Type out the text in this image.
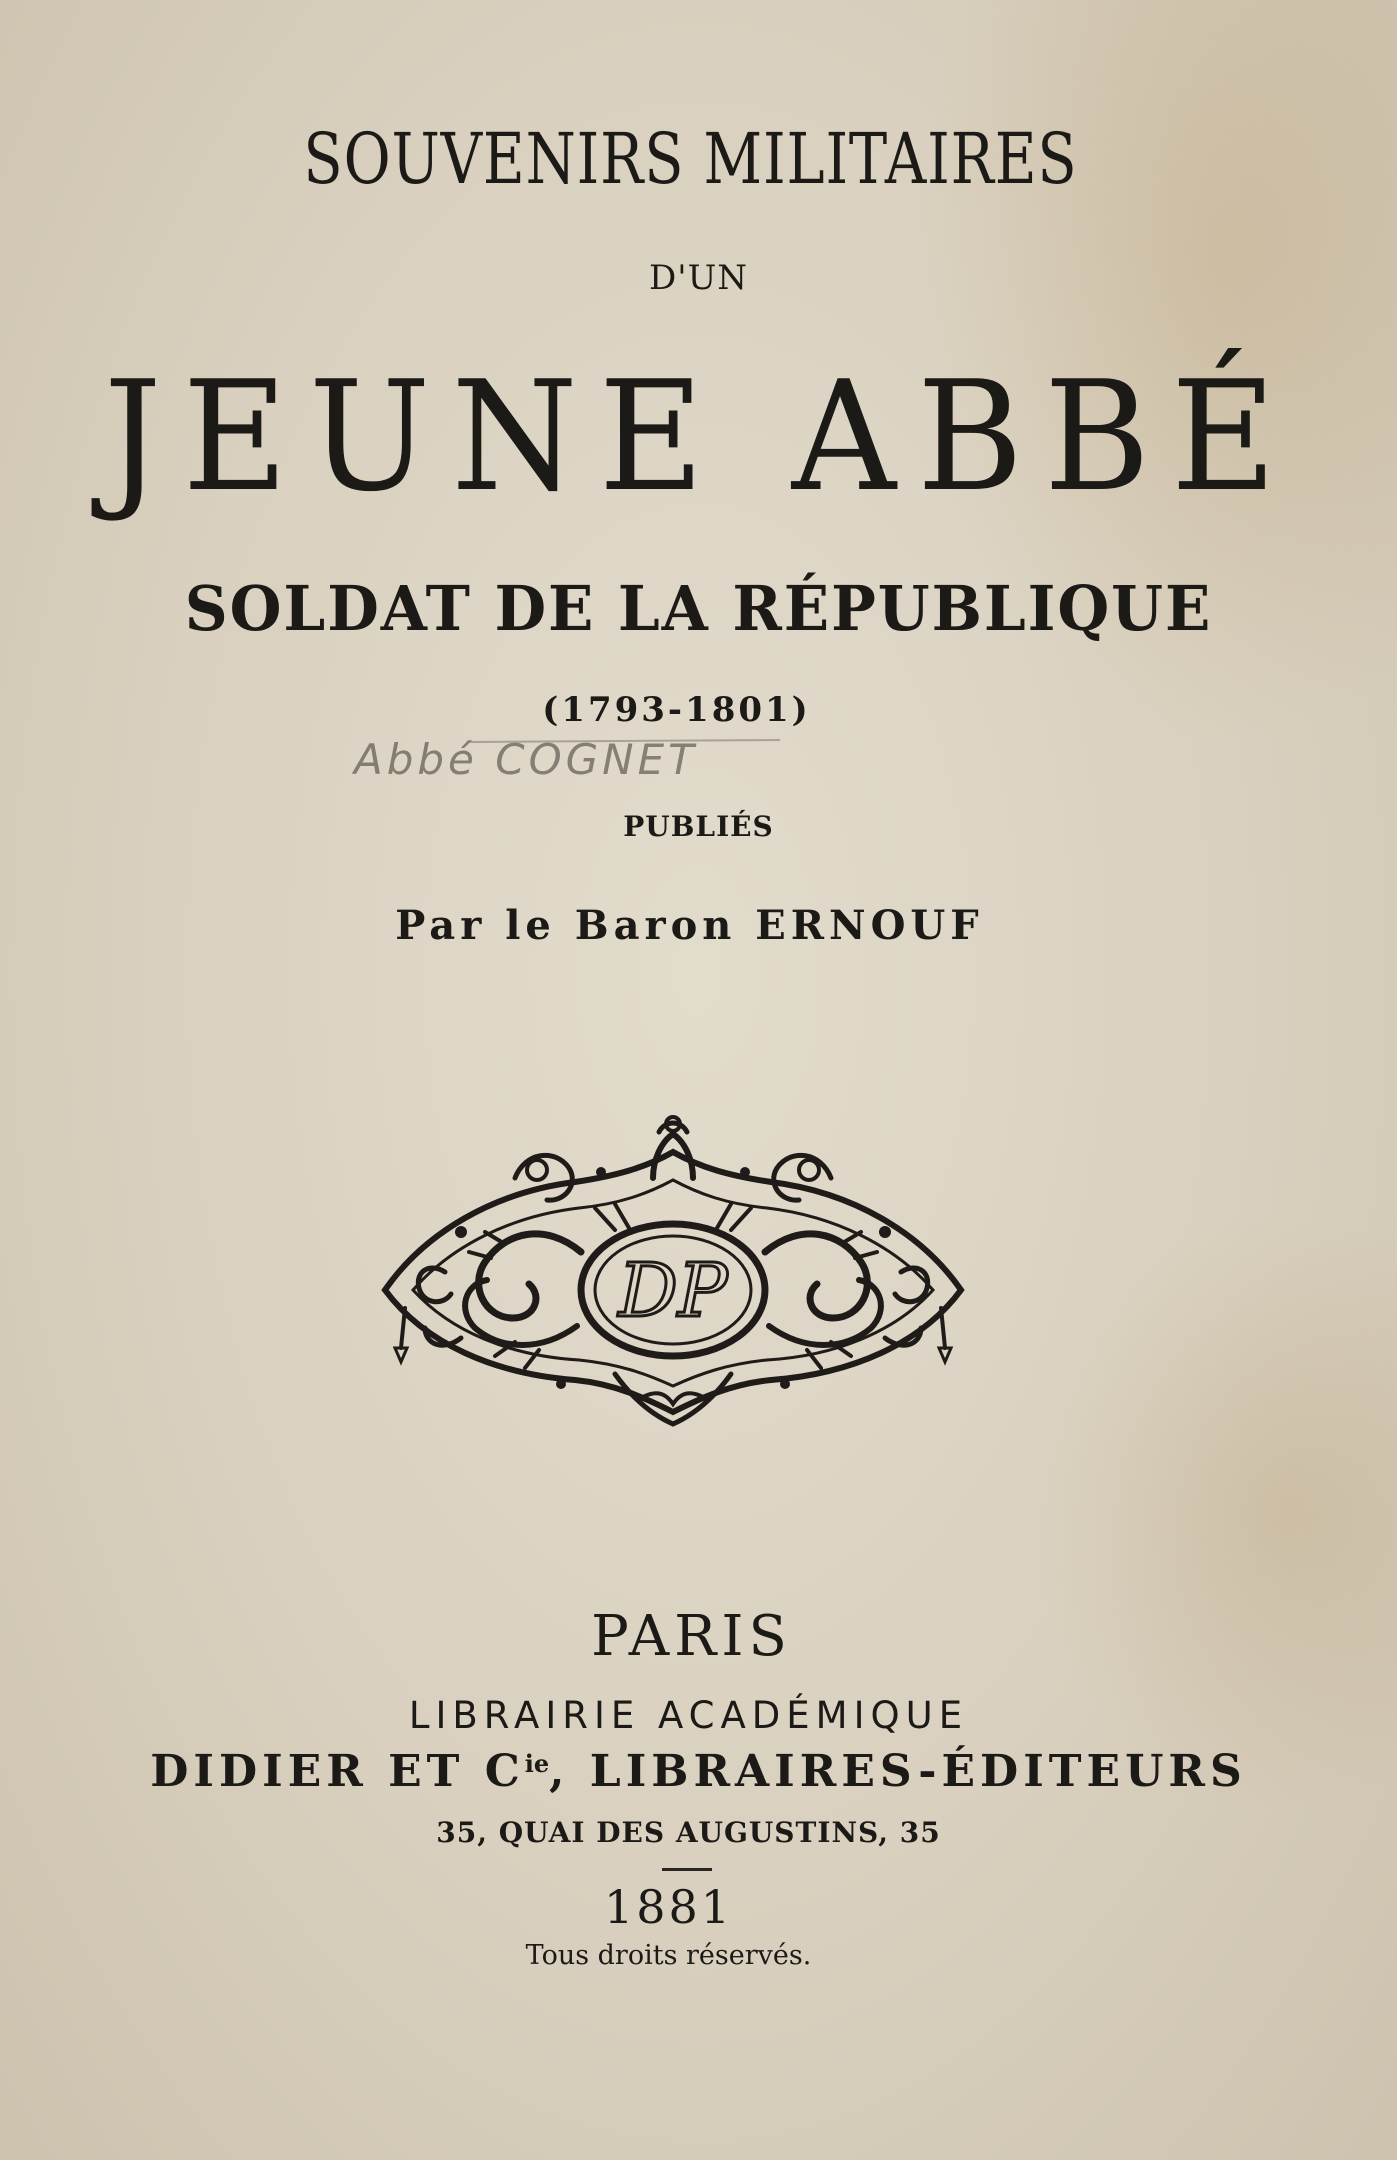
SOUVENIRS MILITAIRES
D'UN
JEUNE ABBÉ
SOLDAT DE LA RÉPUBLIQUE
(1793-1801)
Abbé COGNET
PUBLIÉS
Par le Baron ERNOUF
DP
PARIS
LIBRAIRIE ACADÉMIQUE
DIDIER ET $C^{ie}$, LIBRAIRES-ÉDITEURS
35, QUAI DES AUGUSTINS, 35
1881
Tous droits réservés.
